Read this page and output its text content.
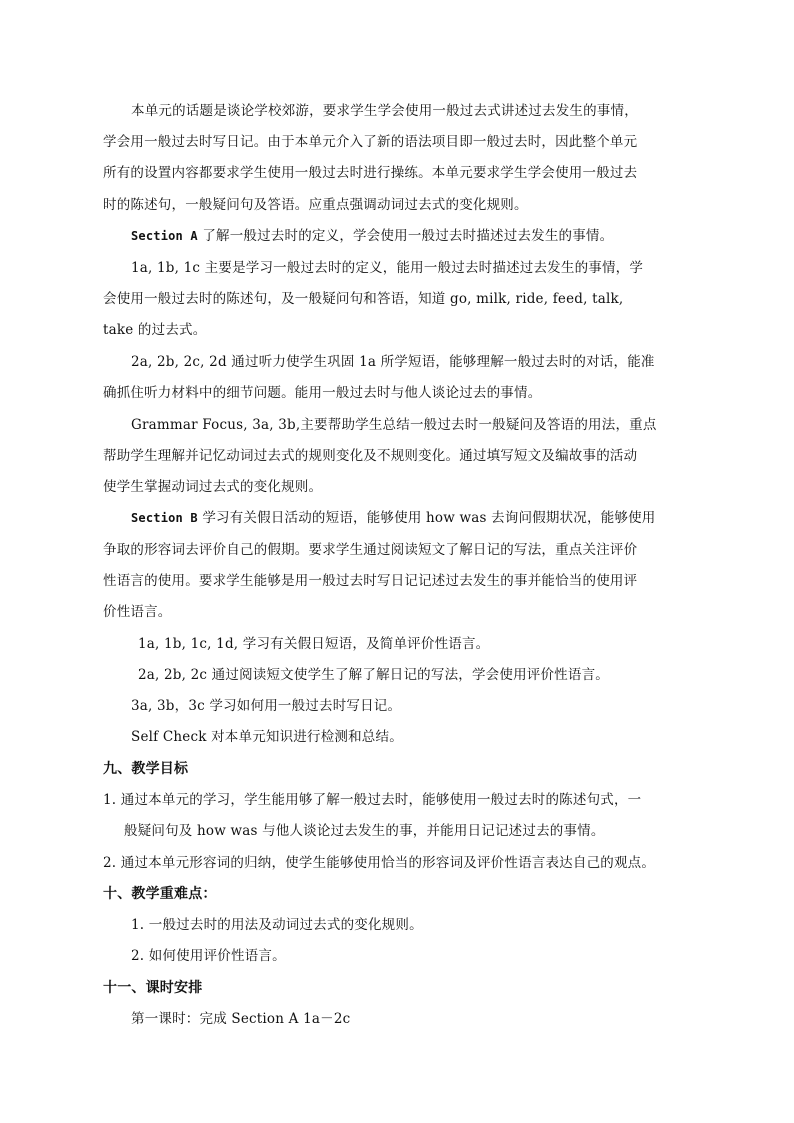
本单元的话题是谈论学校郊游，要求学生学会使用一般过去式讲述过去发生的事情，
学会用一般过去时写日记。由于本单元介入了新的语法项目即一般过去时，因此整个单元
所有的设置内容都要求学生使用一般过去时进行操练。本单元要求学生学会使用一般过去
时的陈述句，一般疑问句及答语。应重点强调动词过去式的变化规则。
Section A 了解一般过去时的定义，学会使用一般过去时描述过去发生的事情。
1a, 1b, 1c 主要是学习一般过去时的定义，能用一般过去时描述过去发生的事情，学
会使用一般过去时的陈述句，及一般疑问句和答语，知道 go, milk, ride, feed, talk,
take 的过去式。
2a, 2b, 2c, 2d 通过听力使学生巩固 1a 所学短语，能够理解一般过去时的对话，能准
确抓住听力材料中的细节问题。能用一般过去时与他人谈论过去的事情。
Grammar Focus, 3a, 3b,主要帮助学生总结一般过去时一般疑问及答语的用法，重点
帮助学生理解并记忆动词过去式的规则变化及不规则变化。通过填写短文及编故事的活动
使学生掌握动词过去式的变化规则。
Section B 学习有关假日活动的短语，能够使用 how was 去询问假期状况，能够使用
争取的形容词去评价自己的假期。要求学生通过阅读短文了解日记的写法，重点关注评价
性语言的使用。要求学生能够是用一般过去时写日记记述过去发生的事并能恰当的使用评
价性语言。
1a, 1b, 1c, 1d, 学习有关假日短语，及简单评价性语言。
2a, 2b, 2c 通过阅读短文使学生了解了解日记的写法，学会使用评价性语言。
3a, 3b，3c 学习如何用一般过去时写日记。
Self Check 对本单元知识进行检测和总结。
九、教学目标
1. 通过本单元的学习，学生能用够了解一般过去时，能够使用一般过去时的陈述句式，一
般疑问句及 how was 与他人谈论过去发生的事，并能用日记记述过去的事情。
2. 通过本单元形容词的归纳，使学生能够使用恰当的形容词及评价性语言表达自己的观点。
十、教学重难点：
1. 一般过去时的用法及动词过去式的变化规则。
2. 如何使用评价性语言。
十一、课时安排
第一课时：完成 Section A 1a－2c
